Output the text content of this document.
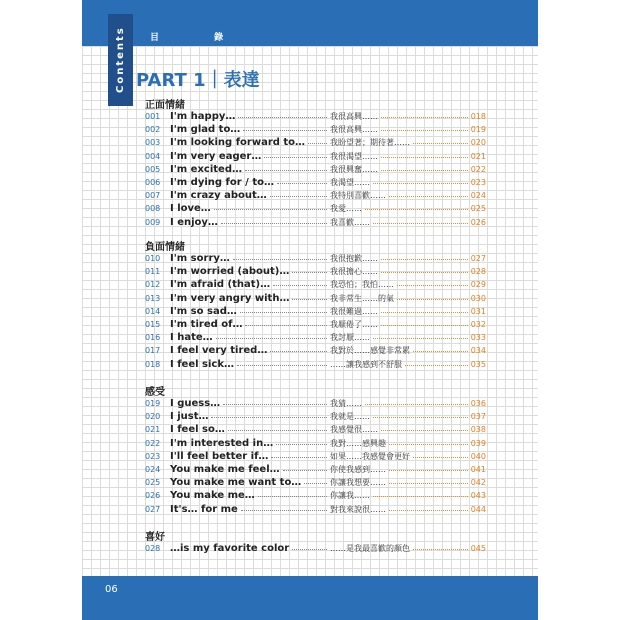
Contents	目 錄
PART 1｜表達
正面情緒
001 I'm happy…	我很高興……	018
002 I'm glad to…	我很高興……	019
003 I'm looking forward to…	我盼望著；期待著……	020
004 I'm very eager…	我很渴望……	021
005 I'm excited…	我很興奮……	022
006 I'm dying for / to…	我渴望……	023
007 I'm crazy about…	我特別喜歡……	024
008 I love…	我愛……	025
009 I enjoy…	我喜歡……	026
負面情緒
010 I'm sorry…	我很抱歉……	027
011 I'm worried (about)…	我很擔心……	028
012 I'm afraid (that)…	我恐怕；我怕……	029
013 I'm very angry with…	我非常生……的氣	030
014 I'm so sad…	我很難過……	031
015 I'm tired of…	我厭倦了……	032
016 I hate…	我討厭……	033
017 I feel very tired…	我對於……感覺非常累	034
018 I feel sick…	……讓我感到不舒服	035
感受
019 I guess…	我猜……	036
020 I just…	我就是……	037
021 I feel so…	我感覺很……	038
022 I'm interested in…	我對……感興趣	039
023 I'll feel better if…	如果……我感覺會更好	040
024 You make me feel…	你使我感到……	041
025 You make me want to…	你讓我想要……	042
026 You make me…	你讓我……	043
027 It's… for me	對我來說很……	044
喜好
028 …is my favorite color	……是我最喜歡的顏色	045
06
